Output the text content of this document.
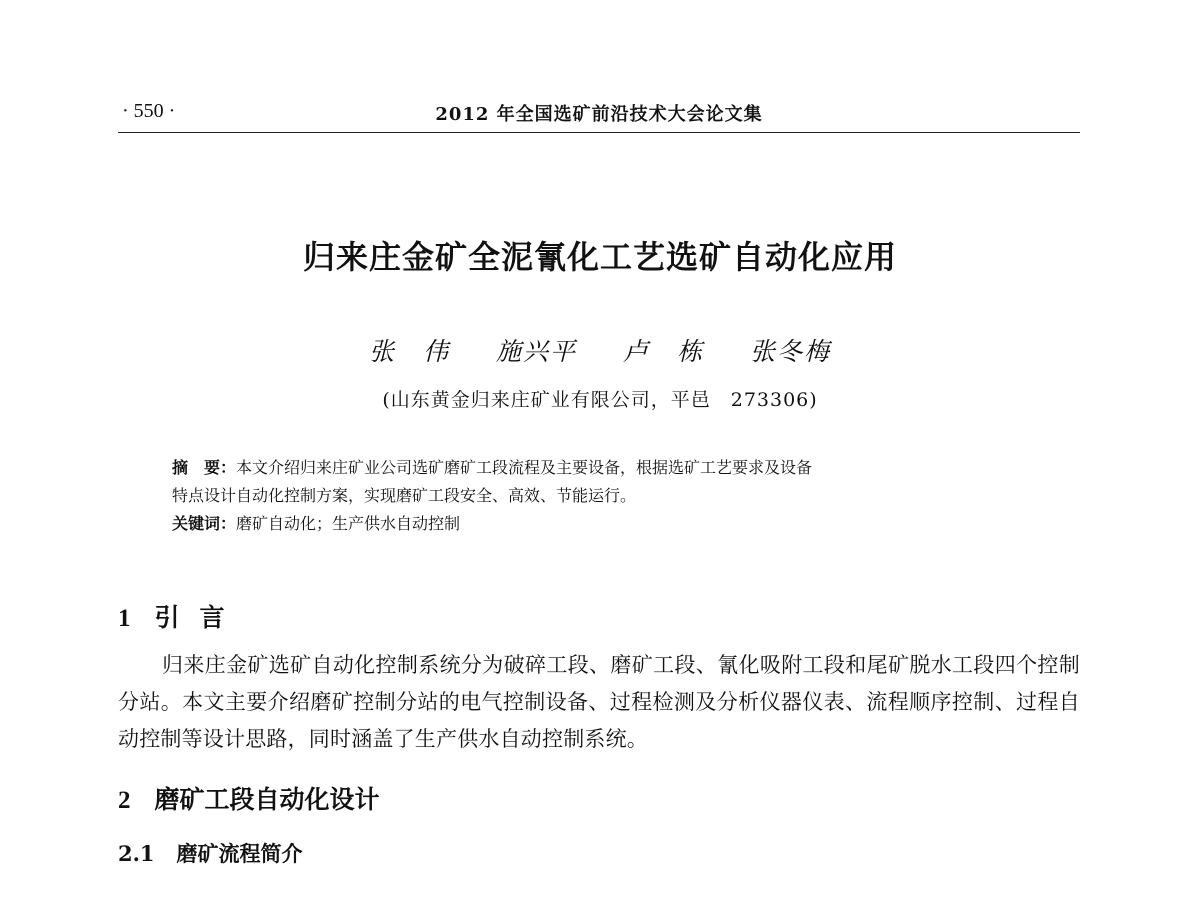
· 550 ·	2012 年全国选矿前沿技术大会论文集
归来庄金矿全泥氰化工艺选矿自动化应用
张　伟 施兴平 卢　栋 张冬梅
(山东黄金归来庄矿业有限公司，平邑　273306)

摘　要：本文介绍归来庄矿业公司选矿磨矿工段流程及主要设备，根据选矿工艺要求及设备

特点设计自动化控制方案，实现磨矿工段安全、高效、节能运行。

关键词：磨矿自动化；生产供水自动控制

1 引言

归来庄金矿选矿自动化控制系统分为破碎工段、磨矿工段、氰化吸附工段和尾矿脱水工段四个控制分站。本文主要介绍磨矿控制分站的电气控制设备、过程检测及分析仪器仪表、流程顺序控制、过程自动控制等设计思路，同时涵盖了生产供水自动控制系统。

2 磨矿工段自动化设计
2.1 磨矿流程简介
